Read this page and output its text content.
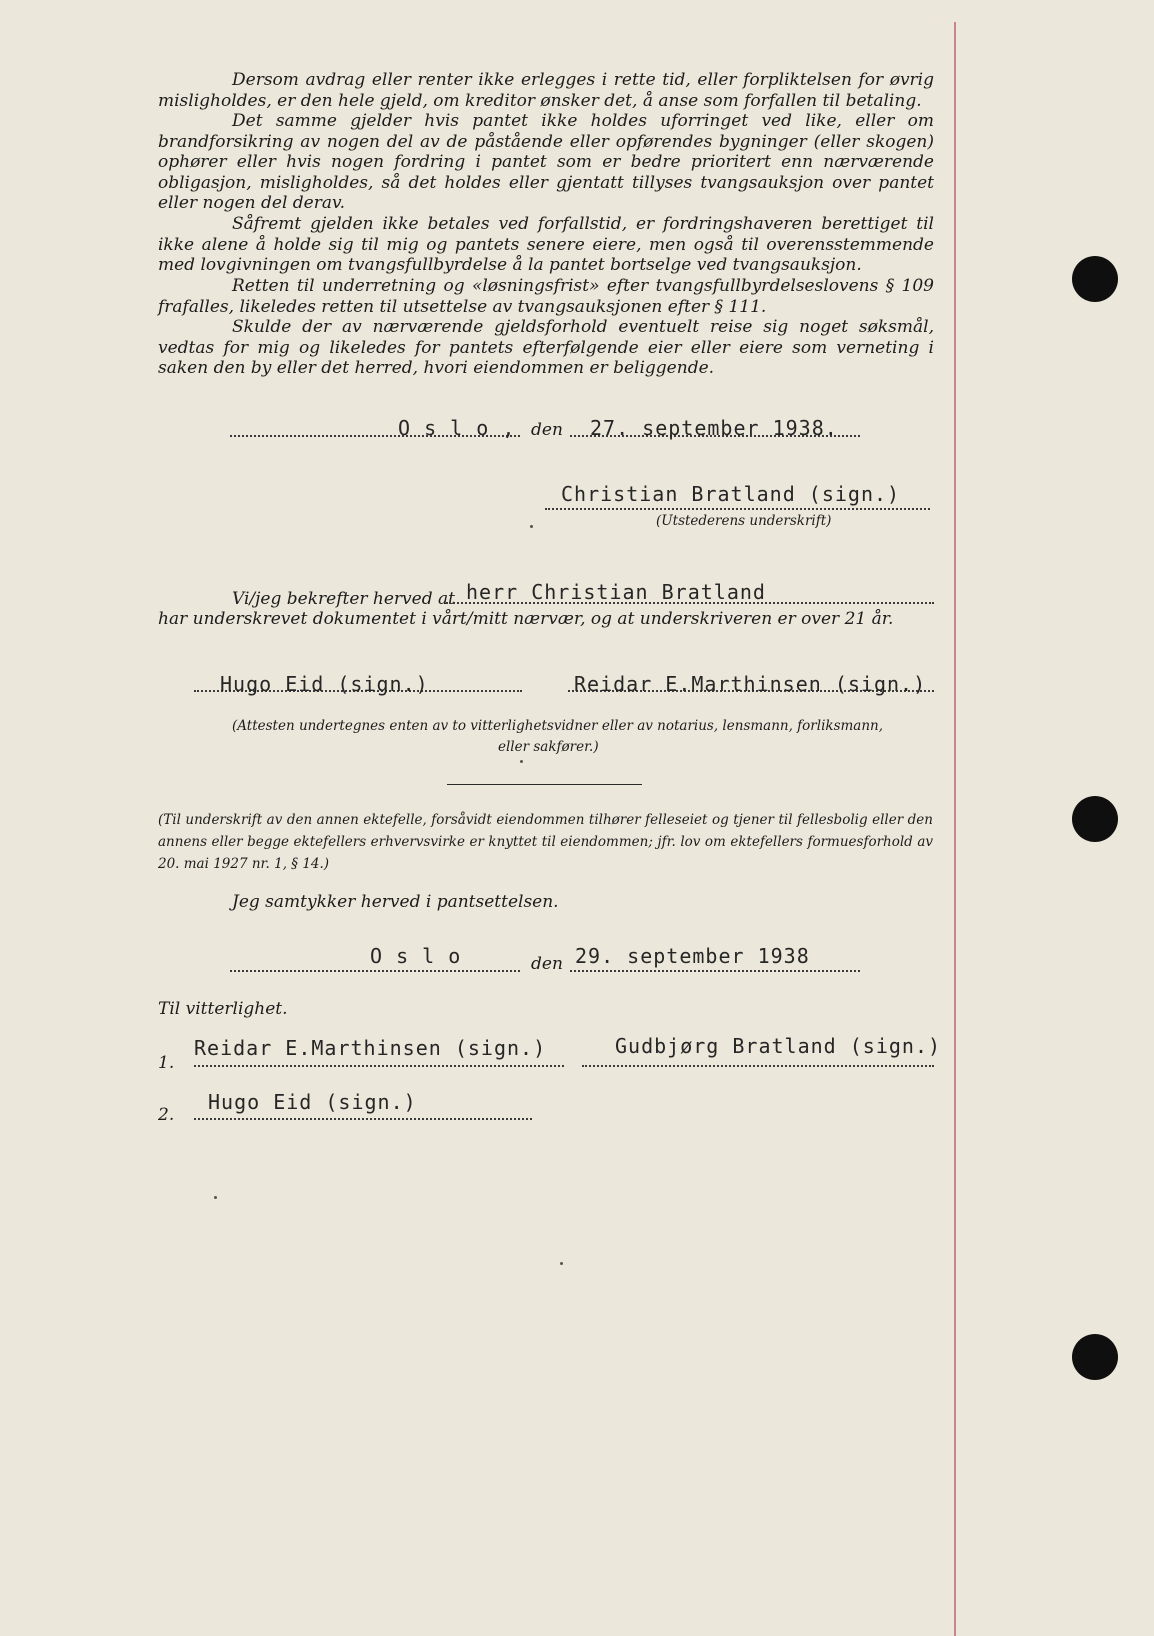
Dersom avdrag eller renter ikke erlegges i rette tid, eller forpliktelsen for øvrig misligholdes, er den hele gjeld, om kreditor ønsker det, å anse som forfallen til betaling.

Det samme gjelder hvis pantet ikke holdes uforringet ved like, eller om brandforsikring av nogen del av de påstående eller opførendes bygninger (eller skogen) ophører eller hvis nogen fordring i pantet som er bedre prioritert enn nærværende obligasjon, misligholdes, så det holdes eller gjentatt tillyses tvangsauksjon over pantet eller nogen del derav.

Såfremt gjelden ikke betales ved forfallstid, er fordringshaveren berettiget til ikke alene å holde sig til mig og pantets senere eiere, men også til overensstemmende med lovgivningen om tvangsfullbyrdelse å la pantet bortselge ved tvangsauksjon.

Retten til underretning og «løsningsfrist» efter tvangsfullbyrdelseslovens § 109 frafalles, likeledes retten til utsettelse av tvangsauksjonen efter § 111.

Skulde der av nærværende gjeldsforhold eventuelt reise sig noget søksmål, vedtas for mig og likeledes for pantets efterfølgende eier eller eiere som verneting i saken den by eller det herred, hvori eiendommen er beliggende.

O s l o , den 27. september 1938.
Christian Bratland (sign.)
(Utstederens underskrift)
Vi/jeg bekrefter herved at herr Christian Bratland
har underskrevet dokumentet i vårt/mitt nærvær, og at underskriveren er over 21 år.
Hugo Eid (sign.)	Reidar E.Marthinsen (sign.)
(Attesten undertegnes enten av to vitterlighetsvidner eller av notarius, lensmann, forliksmann,
eller sakfører.)
(Til underskrift av den annen ektefelle, forsåvidt eiendommen tilhører felleseiet og tjener til fellesbolig eller den annens eller begge ektefellers erhvervsvirke er knyttet til eiendommen; jfr. lov om ektefellers formuesforhold av 20. mai 1927 nr. 1, § 14.)
Jeg samtykker herved i pantsettelsen.
O s l o	den 29. september 1938
Til vitterlighet.
1.
Reidar E.Marthinsen (sign.)	Gudbjørg Bratland (sign.)
2.
Hugo Eid (sign.)
